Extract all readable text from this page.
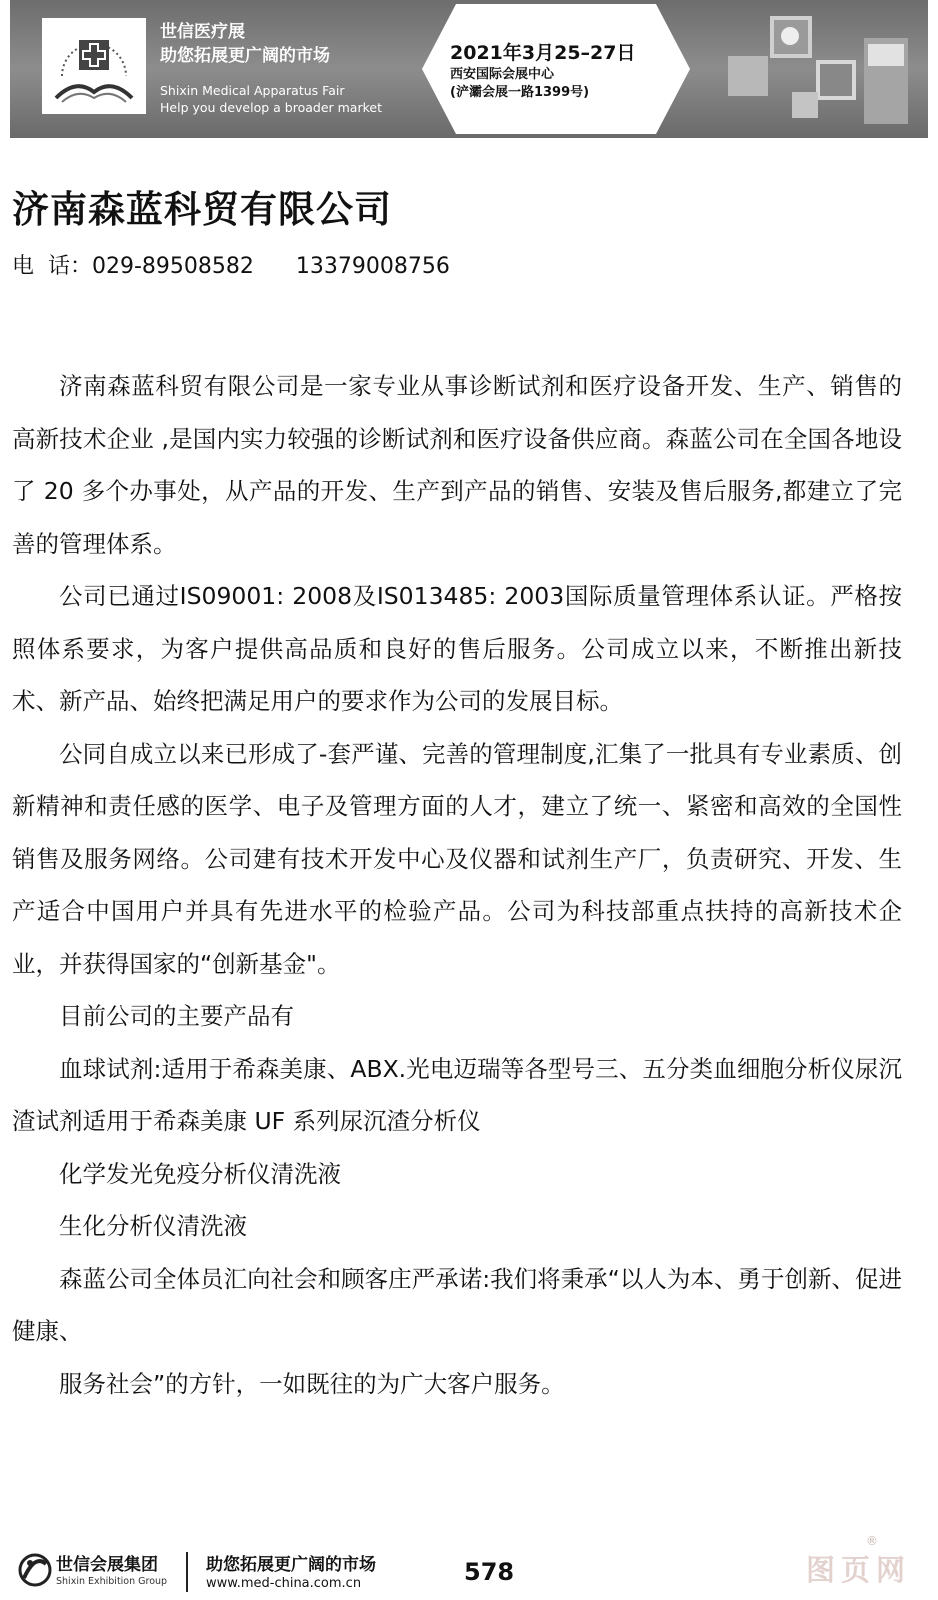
世信医疗展
助您拓展更广阔的市场
Shixin Medical Apparatus Fair
Help you develop a broader market
2021年3月25–27日
西安国际会展中心
(浐灞会展一路1399号)
济南森蓝科贸有限公司
电  话：029-89508582 13379008756

济南森蓝科贸有限公司是一家专业从事诊断试剂和医疗设备开发、生产、销售的高新技术企业 ,是国内实力较强的诊断试剂和医疗设备供应商。森蓝公司在全国各地设了 20 多个办事处，从产品的开发、生产到产品的销售、安装及售后服务,都建立了完善的管理体系。

公司已通过IS09001: 2008及IS013485: 2003国际质量管理体系认证。严格按照体系要求，为客户提供高品质和良好的售后服务。公司成立以来，不断推出新技术、新产品、始终把满足用户的要求作为公司的发展目标。

公同自成立以来已形成了-套严谨、完善的管理制度,汇集了一批具有专业素质、创新精神和责任感的医学、电子及管理方面的人才，建立了统一、紧密和高效的全国性销售及服务网络。公司建有技术开发中心及仪器和试剂生产厂，负责研究、开发、生产适合中国用户并具有先进水平的检验产品。公司为科技部重点扶持的高新技术企业，并获得国家的“创新基金"。

目前公司的主要产品有

血球试剂:适用于希森美康、ABX.光电迈瑞等各型号三、五分类血细胞分析仪尿沉渣试剂适用于希森美康 UF 系列尿沉渣分析仪

化学发光免疫分析仪清洗液

生化分析仪清洗液

森蓝公司全体员汇向社会和顾客庄严承诺:我们将秉承“以人为本、勇于创新、促进健康、

服务社会”的方针，一如既往的为广大客户服务。

世信会展集团
Shixin Exhibition Group
助您拓展更广阔的市场
www.med-china.com.cn	578	图页网
®
